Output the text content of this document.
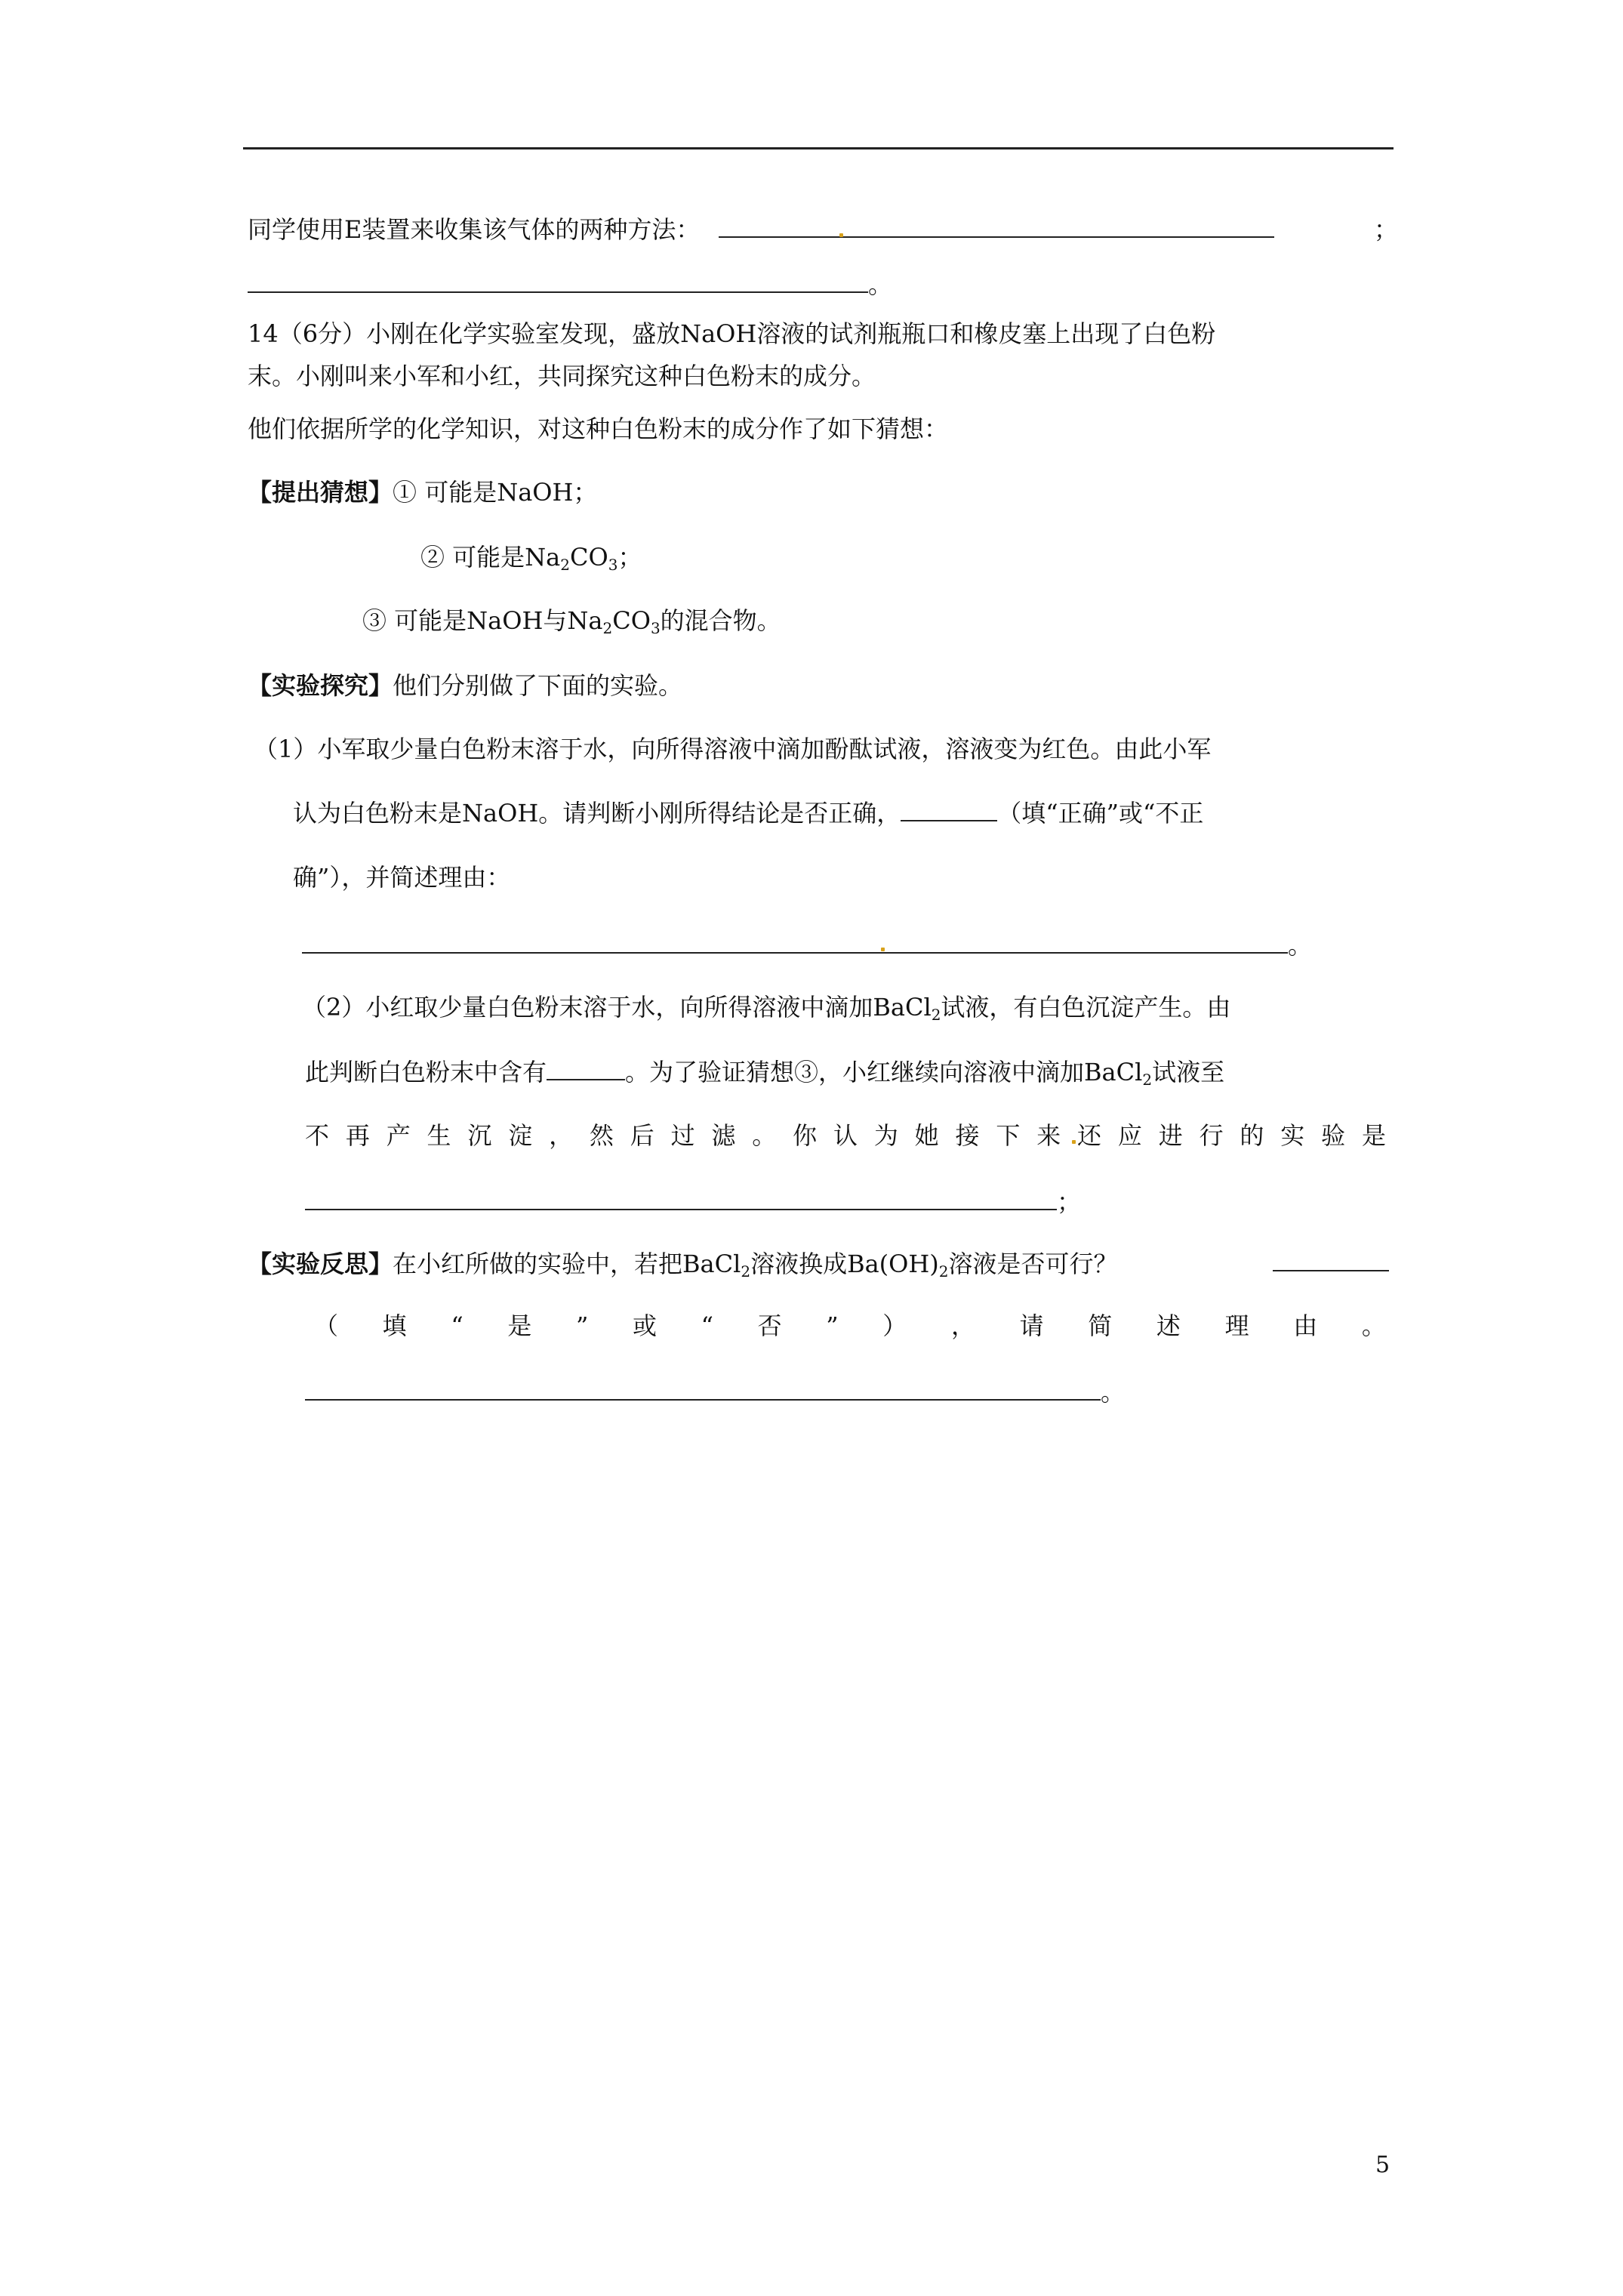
同学使用E装置来收集该气体的两种方法：	；
。
14（6分）小刚在化学实验室发现，盛放NaOH溶液的试剂瓶瓶口和橡皮塞上出现了白色粉
末。小刚叫来小军和小红，共同探究这种白色粉末的成分。
他们依据所学的化学知识，对这种白色粉末的成分作了如下猜想：
【提出猜想】① 可能是NaOH；
② 可能是$Na_2CO_3$；
③ 可能是NaOH与$Na_2CO_3$的混合物。
【实验探究】他们分别做了下面的实验。
（1）小军取少量白色粉末溶于水，向所得溶液中滴加酚酞试液，溶液变为红色。由此小军
认为白色粉末是NaOH。请判断小刚所得结论是否正确，	（填“正确”或“不正
确”），并简述理由：
。
（2）小红取少量白色粉末溶于水，向所得溶液中滴加BaCl$_2$试液，有白色沉淀产生。由
此判断白色粉末中含有	。为了验证猜想③，小红继续向溶液中滴加BaCl$_2$试液至
不 再 产 生 沉 淀 ， 然 后 过 滤 。 你 认 为 她 接 下 来 还 应 进 行 的 实 验 是
；
【实验反思】在小红所做的实验中，若把BaCl$_2$溶液换成$Ba(OH)_2$溶液是否可行？
（ 填 “ 是 ” 或 “ 否 ” ） ， 请 简 述 理 由 。
。
5
